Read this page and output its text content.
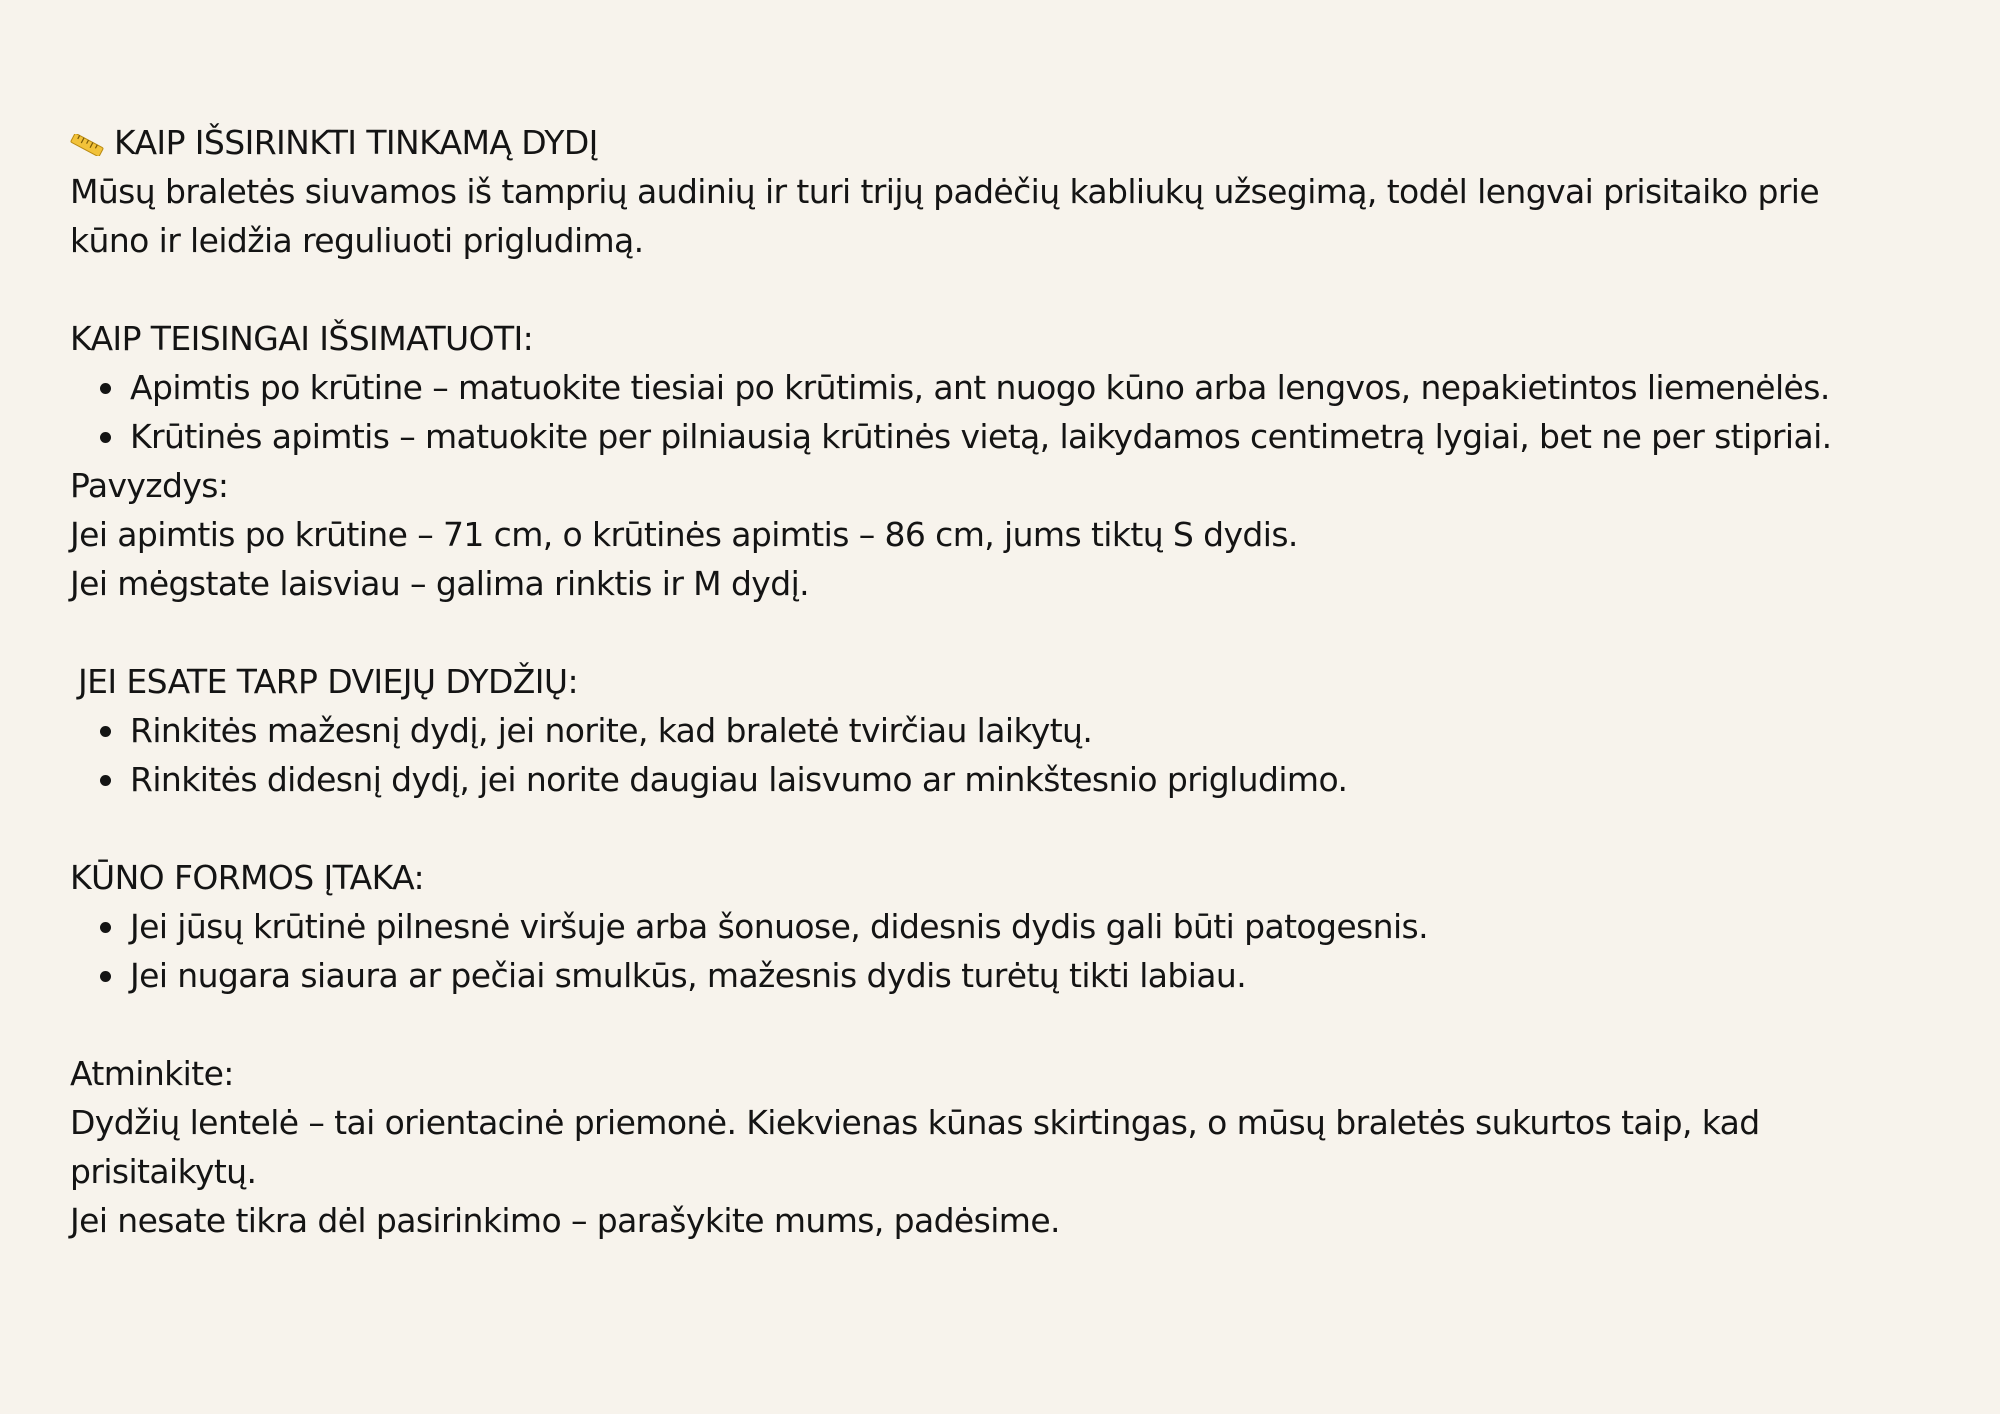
KAIP IŠSIRINKTI TINKAMĄ DYDĮ
Mūsų braletės siuvamos iš tamprių audinių ir turi trijų padėčių kabliukų užsegimą, todėl lengvai prisitaiko prie
kūno ir leidžia reguliuoti prigludimą.
KAIP TEISINGAI IŠSIMATUOTI:
Apimtis po krūtine – matuokite tiesiai po krūtimis, ant nuogo kūno arba lengvos, nepakietintos liemenėlės.
Krūtinės apimtis – matuokite per pilniausią krūtinės vietą, laikydamos centimetrą lygiai, bet ne per stipriai.
Pavyzdys:
Jei apimtis po krūtine – 71 cm, o krūtinės apimtis – 86 cm, jums tiktų S dydis.
Jei mėgstate laisviau – galima rinktis ir M dydį.
JEI ESATE TARP DVIEJŲ DYDŽIŲ:
Rinkitės mažesnį dydį, jei norite, kad braletė tvirčiau laikytų.
Rinkitės didesnį dydį, jei norite daugiau laisvumo ar minkštesnio prigludimo.
KŪNO FORMOS ĮTAKA:
Jei jūsų krūtinė pilnesnė viršuje arba šonuose, didesnis dydis gali būti patogesnis.
Jei nugara siaura ar pečiai smulkūs, mažesnis dydis turėtų tikti labiau.
Atminkite:
Dydžių lentelė – tai orientacinė priemonė. Kiekvienas kūnas skirtingas, o mūsų braletės sukurtos taip, kad
prisitaikytų.
Jei nesate tikra dėl pasirinkimo – parašykite mums, padėsime.
